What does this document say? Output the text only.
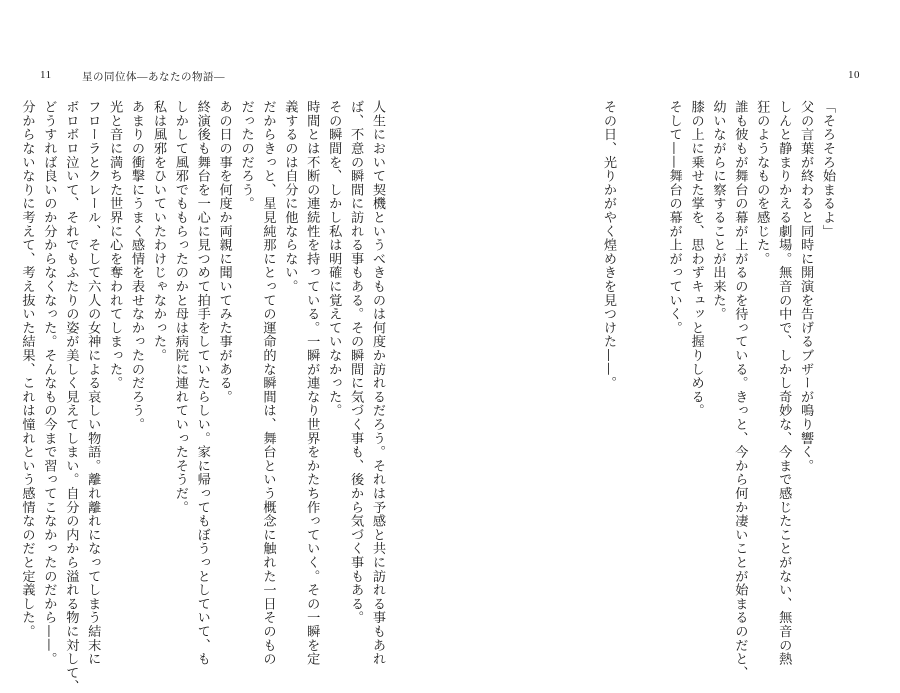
11	星の同位体—あなたの物語—
人生において契機というべきものは何度か訪れるだろう。それは予感と共に訪れる事もあれ
ば、不意の瞬間に訪れる事もある。その瞬間に気づく事も、後から気づく事もある。
その瞬間を、しかし私は明確に覚えていなかった。
時間とは不断の連続性を持っている。一瞬が連なり世界をかたち作っていく。その一瞬を定
義するのは自分に他ならない。
だからきっと、星見純那にとっての運命的な瞬間は、舞台という概念に触れた一日そのもの
だったのだろう。
あの日の事を何度か両親に聞いてみた事がある。
終演後も舞台を一心に見つめて拍手をしていたらしい。家に帰ってもぼうっとしていて、も
しかして風邪でももらったのかと母は病院に連れていったそうだ。
私は風邪をひいていたわけじゃなかった。
あまりの衝撃にうまく感情を表せなかったのだろう。
光と音に満ちた世界に心を奪われてしまった。
フローラとクレール、そして六人の女神による哀しい物語。離れ離れになってしまう結末に
ボロボロ泣いて、それでもふたりの姿が美しく見えてしまい。自分の内から溢れる物に対して、
どうすれば良いのか分からなくなった。そんなもの今まで習ってこなかったのだから——。
分からないなりに考えて、考え抜いた結果、これは憧れという感情なのだと定義した。
10
「そろそろ始まるよ」
父の言葉が終わると同時に開演を告げるブザーが鳴り響く。
しんと静まりかえる劇場。無音の中で、しかし奇妙な、今まで感じたことがない、無音の熱
狂のようなものを感じた。
誰も彼もが舞台の幕が上がるのを待っている。きっと、今から何か凄いことが始まるのだと、
幼いながらに察することが出来た。
膝の上に乗せた掌を、思わずキュッと握りしめる。
そして——舞台の幕が上がっていく。

その日、光りかがやく煌めきを見つけた——。
